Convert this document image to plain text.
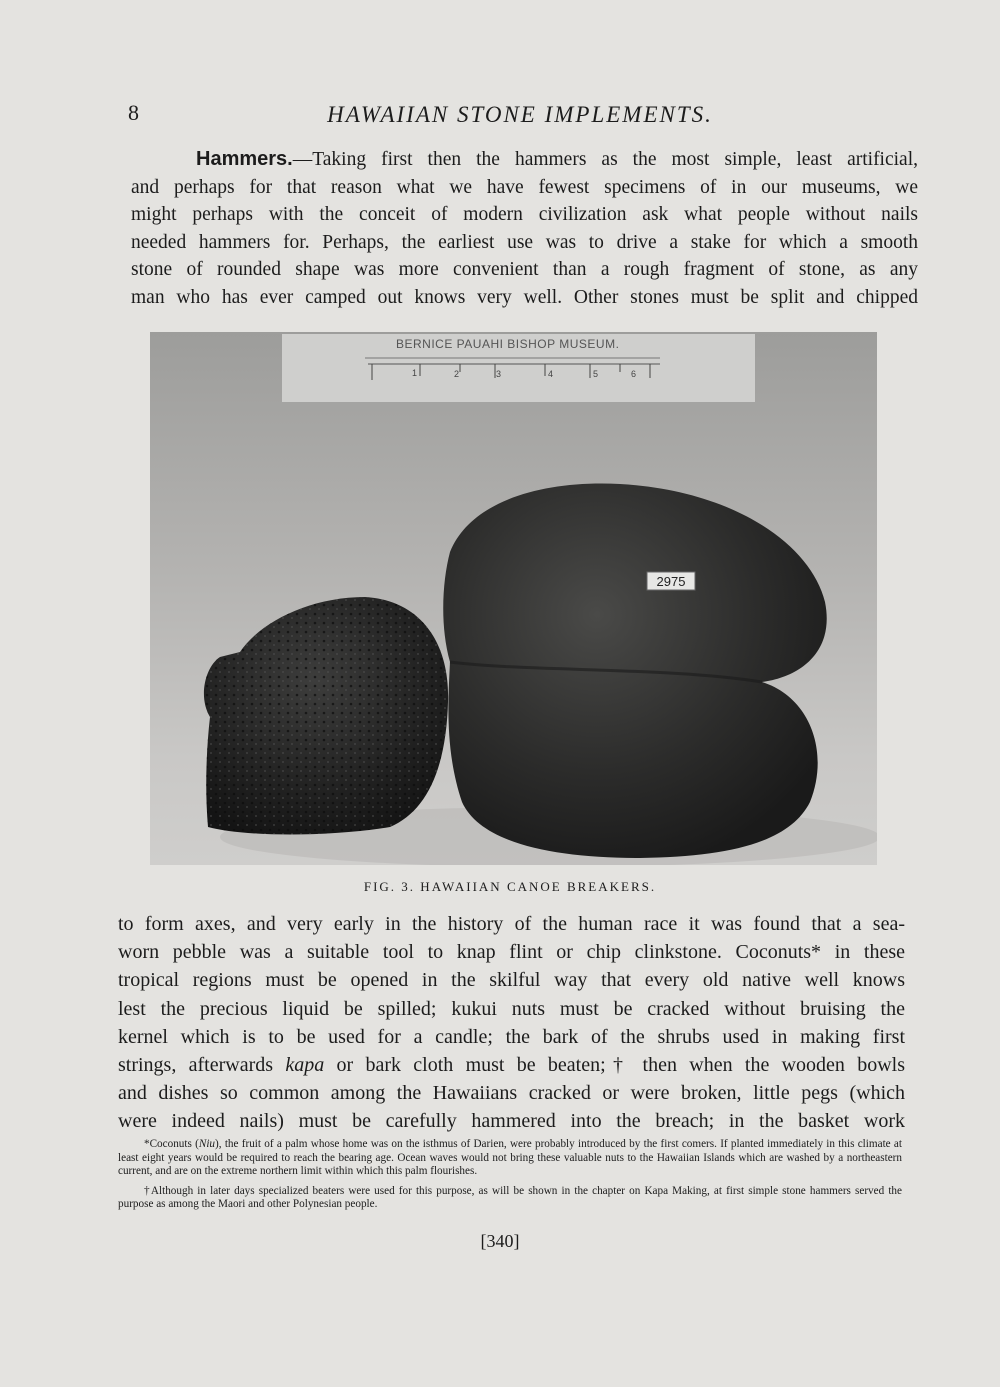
8	HAWAIIAN STONE IMPLEMENTS.
Hammers.—Taking first then the hammers as the most simple, least artificial,
and perhaps for that reason what we have fewest specimens of in our museums, we
might perhaps with the conceit of modern civilization ask what people without nails
needed hammers for. Perhaps, the earliest use was to drive a stake for which a smooth
stone of rounded shape was more convenient than a rough fragment of stone, as any
man who has ever camped out knows very well. Other stones must be split and chipped
BERNICE PAUAHI BISHOP MUSEUM.
1	2	3	4	5	6
2975
FIG. 3. HAWAIIAN CANOE BREAKERS.
to form axes, and very early in the history of the human race it was found that a sea-
worn pebble was a suitable tool to knap flint or chip clinkstone. Coconuts* in these
tropical regions must be opened in the skilful way that every old native well knows
lest the precious liquid be spilled; kukui nuts must be cracked without bruising the
kernel which is to be used for a candle; the bark of the shrubs used in making first
strings, afterwards kapa or bark cloth must be beaten;† then when the wooden bowls
and dishes so common among the Hawaiians cracked or were broken, little pegs (which
were indeed nails) must be carefully hammered into the breach; in the basket work

*Coconuts (Niu), the fruit of a palm whose home was on the isthmus of Darien, were probably introduced by the first comers. If planted immediately in this climate at least eight years would be required to reach the bearing age. Ocean waves would not bring these valuable nuts to the Hawaiian Islands which are washed by a northeastern current, and are on the extreme northern limit within which this palm flourishes.

†Although in later days specialized beaters were used for this purpose, as will be shown in the chapter on Kapa Making, at first simple stone hammers served the purpose as among the Maori and other Polynesian people.

[340]
